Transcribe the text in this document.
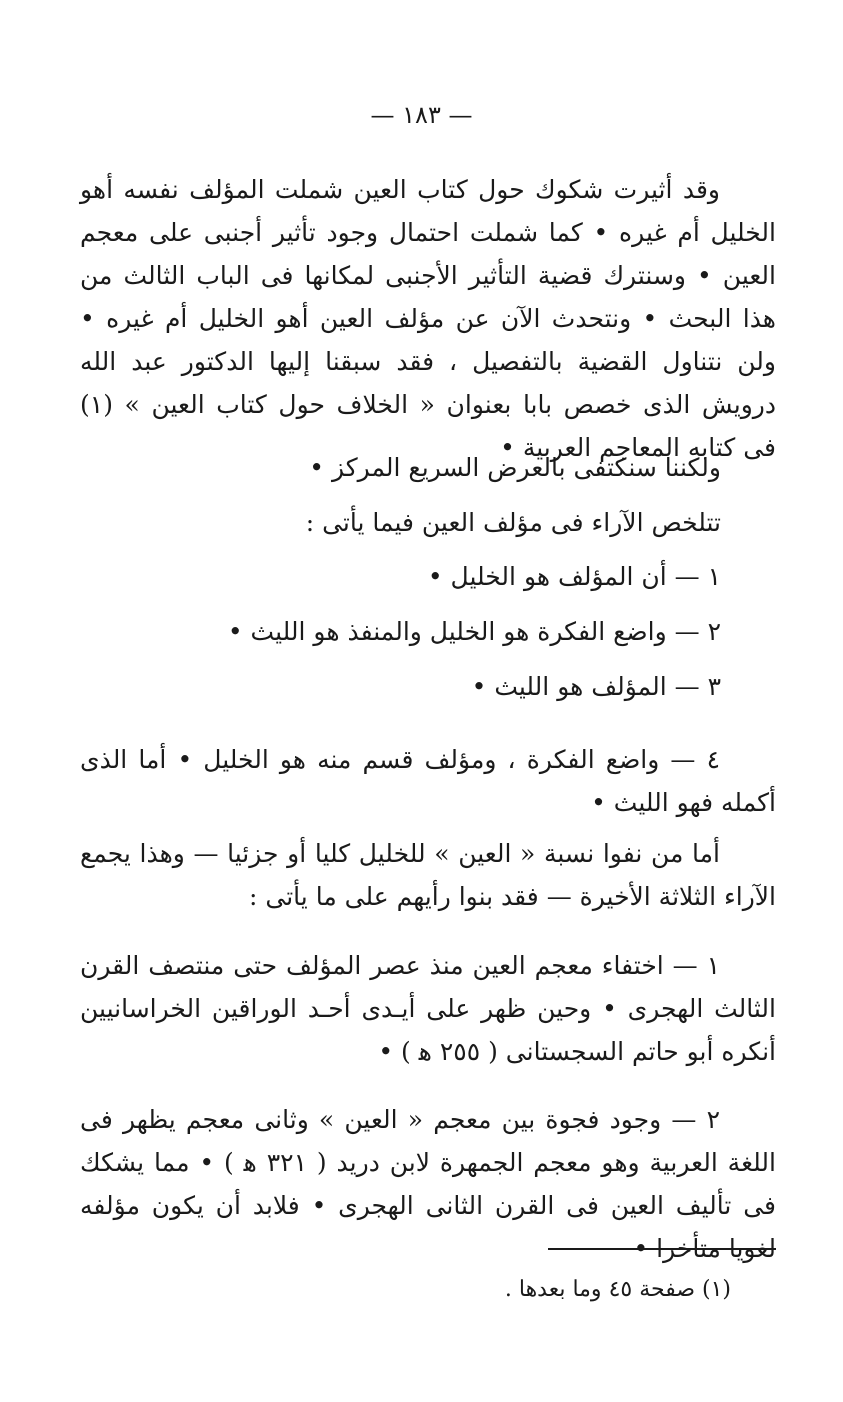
— ١٨٣ —

وقد أثيرت شكوك حول كتاب العين شملت المؤلف نفسه أهو الخليل أم غيره • كما شملت احتمال وجود تأثير أجنبى على معجم العين • وسنترك قضية التأثير الأجنبى لمكانها فى الباب الثالث من هذا البحث • ونتحدث الآن عن مؤلف العين أهو الخليل أم غيره • ولن نتناول القضية بالتفصيل ، فقد سبقنا إليها الدكتور عبد الله درويش الذى خصص بابا بعنوان « الخلاف حول كتاب العين » (١) فى كتابه المعاجم العربية •

ولكننا سنكتفى بالعرض السريع المركز •
تتلخص الآراء فى مؤلف العين فيما يأتى :
١ — أن المؤلف هو الخليل •
٢ — واضع الفكرة هو الخليل والمنفذ هو الليث •
٣ — المؤلف هو الليث •

٤ — واضع الفكرة ، ومؤلف قسم منه هو الخليل • أما الذى أكمله فهو الليث •

أما من نفوا نسبة « العين » للخليل كليا أو جزئيا — وهذا يجمع الآراء الثلاثة الأخيرة — فقد بنوا رأيهم على ما يأتى :

١ — اختفاء معجم العين منذ عصر المؤلف حتى منتصف القرن الثالث الهجرى • وحين ظهر على أيـدى أحـد الوراقين الخراسانيين أنكره أبو حاتم السجستانى ( ٢٥٥ ﻫ ) •

٢ — وجود فجوة بين معجم « العين » وثانى معجم يظهر فى اللغة العربية وهو معجم الجمهرة لابن دريد ( ٣٢١ ﻫ ) • مما يشكك فى تأليف العين فى القرن الثانى الهجرى • فلابد أن يكون مؤلفه لغويا متأخرا •

(١) صفحة ٤٥ وما بعدها .
